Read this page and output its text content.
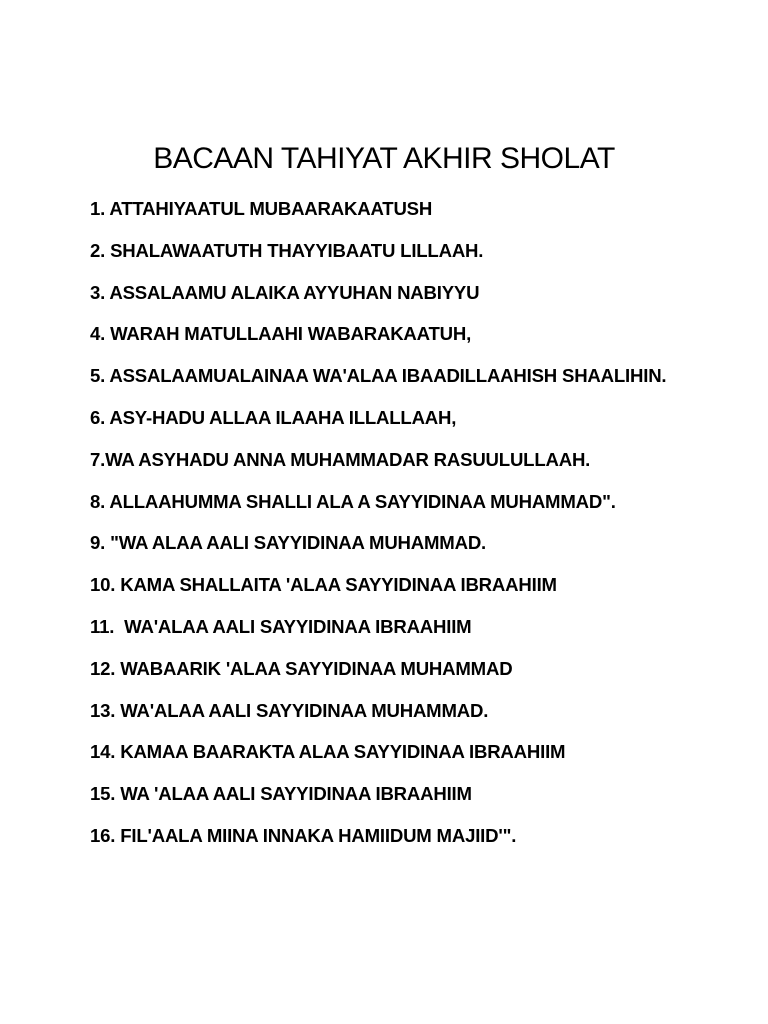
BACAAN TAHIYAT AKHIR SHOLAT
1. ATTAHIYAATUL MUBAARAKAATUSH
2. SHALAWAATUTH THAYYIBAATU LILLAAH.
3. ASSALAAMU ALAIKA AYYUHAN NABIYYU
4. WARAH MATULLAAHI WABARAKAATUH,
5. ASSALAAMUALAINAA WA'ALAA IBAADILLAAHISH SHAALIHIN.
6. ASY-HADU ALLAA ILAAHA ILLALLAAH,
7.WA ASYHADU ANNA MUHAMMADAR RASUULULLAAH.
8. ALLAAHUMMA SHALLI ALA A SAYYIDINAA MUHAMMAD".
9. "WA ALAA AALI SAYYIDINAA MUHAMMAD.
10. KAMA SHALLAITA 'ALAA SAYYIDINAA IBRAAHIIM
11.  WA'ALAA AALI SAYYIDINAA IBRAAHIIM
12. WABAARIK 'ALAA SAYYIDINAA MUHAMMAD
13. WA'ALAA AALI SAYYIDINAA MUHAMMAD.
14. KAMAA BAARAKTA ALAA SAYYIDINAA IBRAAHIIM
15. WA 'ALAA AALI SAYYIDINAA IBRAAHIIM
16. FIL'AALA MIINA INNAKA HAMIIDUM MAJIID'".
